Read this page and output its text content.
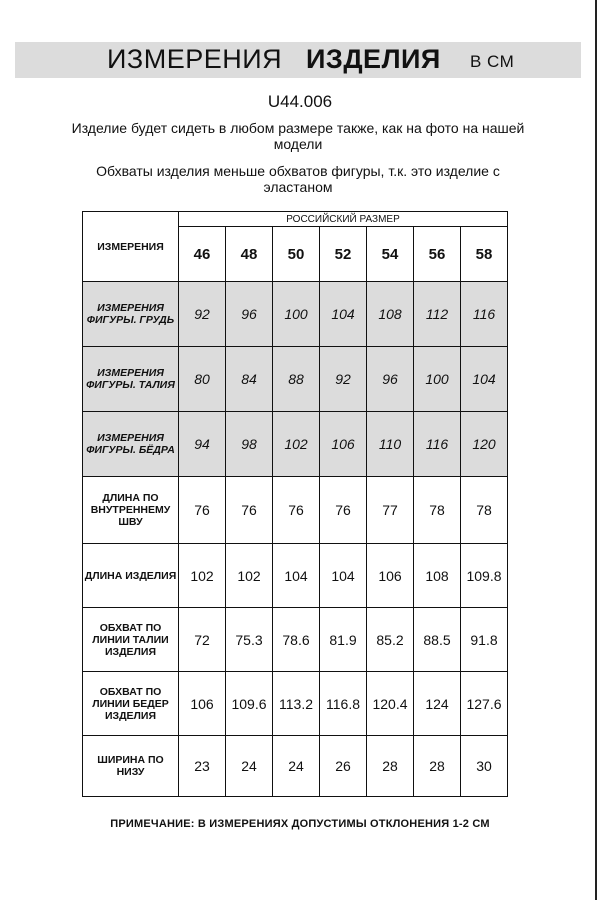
ИЗМЕРЕНИЯ ИЗДЕЛИЯ В СМ
U44.006
Изделие будет сидеть в любом размере также, как на фото на нашей модели
Обхваты изделия меньше обхватов фигуры, т.к. это изделие с эластаном
ИЗМЕРЕНИЯ	РОССИЙСКИЙ РАЗМЕР						
	46	48	50	52	54	56	58
ИЗМЕРЕНИЯ ФИГУРЫ. ГРУДЬ	92	96	100	104	108	112	116
ИЗМЕРЕНИЯ ФИГУРЫ. ТАЛИЯ	80	84	88	92	96	100	104
ИЗМЕРЕНИЯ ФИГУРЫ. БЁДРА	94	98	102	106	110	116	120
ДЛИНА ПО ВНУТРЕННЕМУ ШВУ	76	76	76	76	77	78	78
ДЛИНА ИЗДЕЛИЯ	102	102	104	104	106	108	109.8
ОБХВАТ ПО ЛИНИИ ТАЛИИ ИЗДЕЛИЯ	72	75.3	78.6	81.9	85.2	88.5	91.8
ОБХВАТ ПО ЛИНИИ БЕДЕР ИЗДЕЛИЯ	106	109.6	113.2	116.8	120.4	124	127.6
ШИРИНА ПО НИЗУ	23	24	24	26	28	28	30
ПРИМЕЧАНИЕ: В ИЗМЕРЕНИЯХ ДОПУСТИМЫ ОТКЛОНЕНИЯ 1-2 СМ
